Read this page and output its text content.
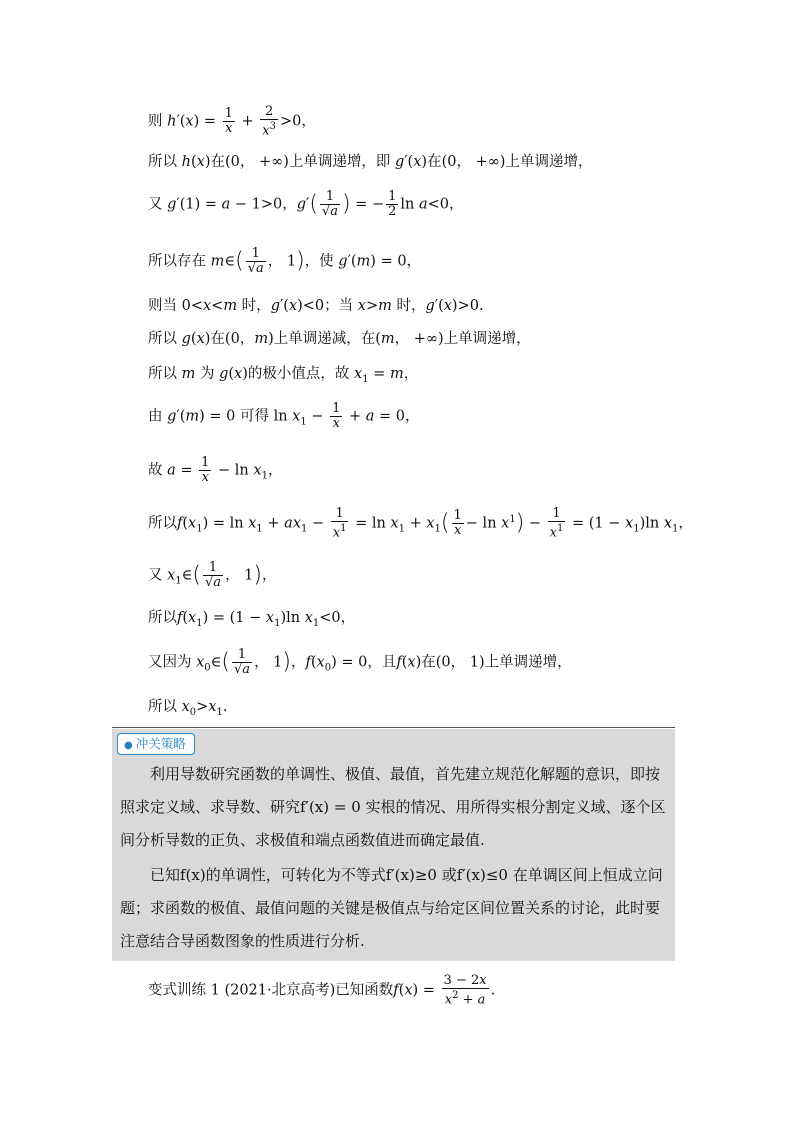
则 $h'(x) = \frac{1}{x} + \frac{2}{x^3} >0$，
所以 h(x)在(0， +∞)上单调递增，即 g′(x)在(0， +∞)上单调递增，
又 g′(1) = a − 1>0，$g'( \frac{1}{√a}$ ) = − $\frac{1}{2}$ ln a<0，
所以存在 m∈( $\frac{1}{√a}$ ， 1)，使 g′(m) = 0，
则当 0<x<m 时，g′(x)<0；当 x>m 时，g′(x)>0.
所以 g(x)在(0，m)上单调递减，在(m， +∞)上单调递增，
所以 m 为 g(x)的极小值点，故 $x_1 = m$，
由 g′(m) = 0 可得 $\ln x_1 - \frac{1}{x} + a = 0$，
故 $a = \frac{1}{x} - \ln x_1$，
所以$f(x_1) = \ln x_1 + ax_1 - \frac{1}{x^1} = \ln x_1 + x_1( \frac{1}{x} - \ln x^1) - \frac{1}{x^1} = (1 - x_1)\ln$ $x_1$，
又 $x_1\in( \frac{1}{√a}$ ， 1)，
所以$f(x_1) = (1 - x_1)\ln$ $x_1<0$，
又因为 $x_0\in( \frac{1}{√a}$ ， 1)，$f(x_0) = 0$，且f(x)在(0， 1)上单调递增，
所以 $x_0>x_1$.
● 冲关策略
利用导数研究函数的单调性、极值、最值，首先建立规范化解题的意识，即按照求定义域、求导数、研究f′(x) = 0 实根的情况、用所得实根分割定义域、逐个区间分析导数的正负、求极值和端点函数值进而确定最值.
已知f(x)的单调性，可转化为不等式f′(x)≥0 或f′(x)≤0 在单调区间上恒成立问题；求函数的极值、最值问题的关键是极值点与给定区间位置关系的讨论，此时要注意结合导函数图象的性质进行分析.
变式训练 1 (2021·北京高考)已知函数$f(x) = \frac{3 - 2x}{x^2 + a}$ .
